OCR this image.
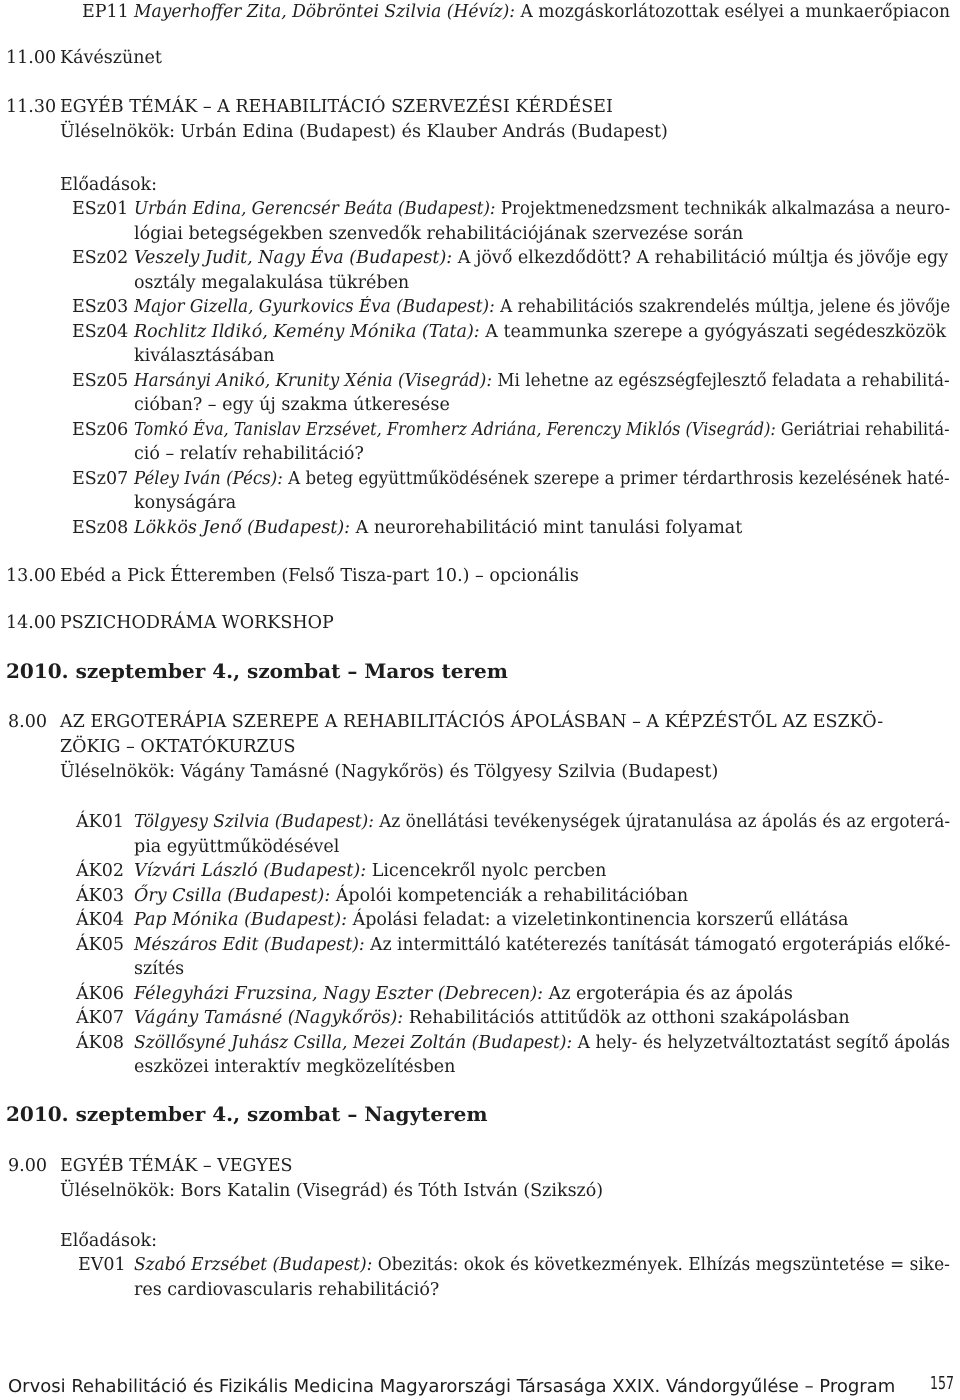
EP11 Mayerhoffer Zita, Döbröntei Szilvia (Hévíz): A mozgáskorlátozottak esélyei a munkaerőpiacon
11.00 Kávészünet
11.30 EGYÉB TÉMÁK – A REHABILITÁCIÓ SZERVEZÉSI KÉRDÉSEI
Üléselnökök: Urbán Edina (Budapest) és Klauber András (Budapest)
Előadások:
ESz01 Urbán Edina, Gerencsér Beáta (Budapest): Projektmenedzsment technikák alkalmazása a neuro-
lógiai betegségekben szenvedők rehabilitációjának szervezése során
ESz02 Veszely Judit, Nagy Éva (Budapest): A jövő elkezdődött? A rehabilitáció múltja és jövője egy
osztály megalakulása tükrében
ESz03 Major Gizella, Gyurkovics Éva (Budapest): A rehabilitációs szakrendelés múltja, jelene és jövője
ESz04 Rochlitz Ildikó, Kemény Mónika (Tata): A teammunka szerepe a gyógyászati segédeszközök
kiválasztásában
ESz05 Harsányi Anikó, Krunity Xénia (Visegrád): Mi lehetne az egészségfejlesztő feladata a rehabilitá-
cióban? – egy új szakma útkeresése
ESz06 Tomkó Éva, Tanislav Erzsévet, Fromherz Adriána, Ferenczy Miklós (Visegrád): Geriátriai rehabilitá-
ció – relatív rehabilitáció?
ESz07 Péley Iván (Pécs): A beteg együttműködésének szerepe a primer térdarthrosis kezelésének haté-
konyságára
ESz08 Lökkös Jenő (Budapest): A neurorehabilitáció mint tanulási folyamat
13.00 Ebéd a Pick Étteremben (Felső Tisza-part 10.) – opcionális
14.00 PSZICHODRÁMA WORKSHOP
2010. szeptember 4., szombat – Maros terem
8.00 AZ ERGOTERÁPIA SZEREPE A REHABILITÁCIÓS ÁPOLÁSBAN – A KÉPZÉSTŐL AZ ESZKÖ-
ZÖKIG – OKTATÓKURZUS
Üléselnökök: Vágány Tamásné (Nagykőrös) és Tölgyesy Szilvia (Budapest)
ÁK01 Tölgyesy Szilvia (Budapest): Az önellátási tevékenységek újratanulása az ápolás és az ergoterá-
pia együttműködésével
ÁK02 Vízvári László (Budapest): Licencekről nyolc percben
ÁK03 Őry Csilla (Budapest): Ápolói kompetenciák a rehabilitációban
ÁK04 Pap Mónika (Budapest): Ápolási feladat: a vizeletinkontinencia korszerű ellátása
ÁK05 Mészáros Edit (Budapest): Az intermittáló katéterezés tanítását támogató ergoterápiás előké-
szítés
ÁK06 Félegyházi Fruzsina, Nagy Eszter (Debrecen): Az ergoterápia és az ápolás
ÁK07 Vágány Tamásné (Nagykőrös): Rehabilitációs attitűdök az otthoni szakápolásban
ÁK08 Szöllősyné Juhász Csilla, Mezei Zoltán (Budapest): A hely- és helyzetváltoztatást segítő ápolás
eszközei interaktív megközelítésben
2010. szeptember 4., szombat – Nagyterem
9.00 EGYÉB TÉMÁK – VEGYES
Üléselnökök: Bors Katalin (Visegrád) és Tóth István (Szikszó)
Előadások:
EV01 Szabó Erzsébet (Budapest): Obezitás: okok és következmények. Elhízás megszüntetése = sike-
res cardiovascularis rehabilitáció?
Orvosi Rehabilitáció és Fizikális Medicina Magyarországi Társasága XXIX. Vándorgyűlése – Program 157
